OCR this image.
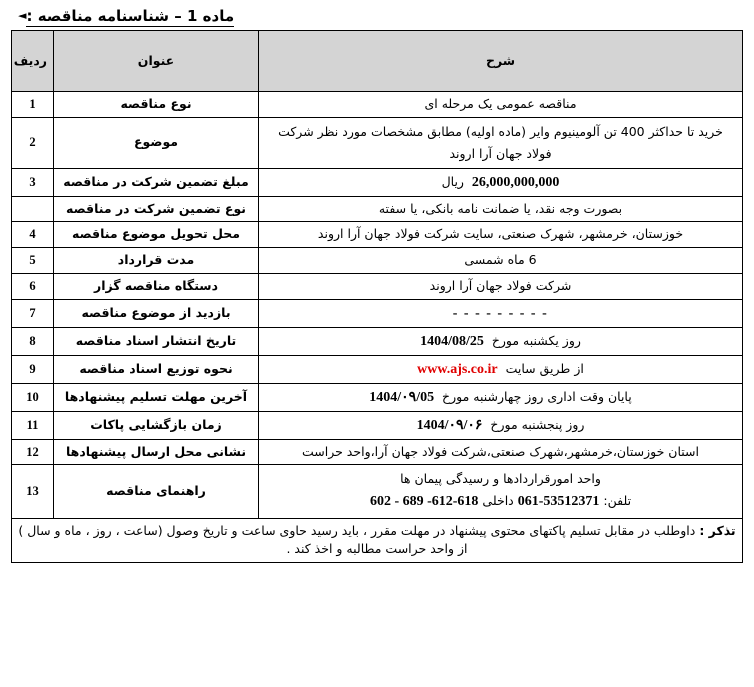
ماده 1 – شناسنامه مناقصه :◄
شرح	عنوان	ردیف
مناقصه عمومی یک مرحله ای	نوع مناقصه	1

خرید تا حداکثر 400 تن آلومینیوم وایر (ماده اولیه) مطابق مشخصات مورد نظر شرکت
فولاد جهان آرا اروند	موضوع	2
26,000,000,000  ریال	مبلغ تضمین شرکت در مناقصه	3
بصورت وجه نقد، یا ضمانت نامه بانکی، یا سفته	نوع تضمین شرکت در مناقصه	
خوزستان، خرمشهر، شهرک صنعتی، سایت شرکت فولاد جهان آرا اروند	محل تحویل موضوع مناقصه	4
6 ماه شمسی	مدت قرارداد	5
شرکت فولاد جهان آرا اروند	دستگاه مناقصه گزار	6
- - - - - - - - -	بازدید از موضوع مناقصه	7
روز یکشنبه مورخ  1404/08/25	تاریخ انتشار اسناد مناقصه	8
از طریق سایت  www.ajs.co.ir	نحوه توزیع اسناد مناقصه	9
پایان وقت اداری روز چهارشنبه مورخ  1404/۰۹/05	آخرین مهلت تسلیم پیشنهادها	10
روز پنجشنبه مورخ  1404/۰۹/۰۶	زمان بازگشایی پاکات	11
استان خوزستان،خرمشهر،شهرک صنعتی،شرکت فولاد جهان آرا،واحد حراست	نشانی محل ارسال پیشنهادها	12

واحد امورقراردادها و رسیدگی پیمان ها
تلفن: 061-53512371 داخلی 602 - 689 -612-618	راهنمای مناقصه	13
تذکر : داوطلب در مقابل تسلیم پاکتهای محتوی پیشنهاد در مهلت مقرر ، باید رسید حاوی ساعت و تاریخ وصول (ساعت ، روز ، ماه و سال )
از واحد حراست مطالبه و اخذ کند .		
